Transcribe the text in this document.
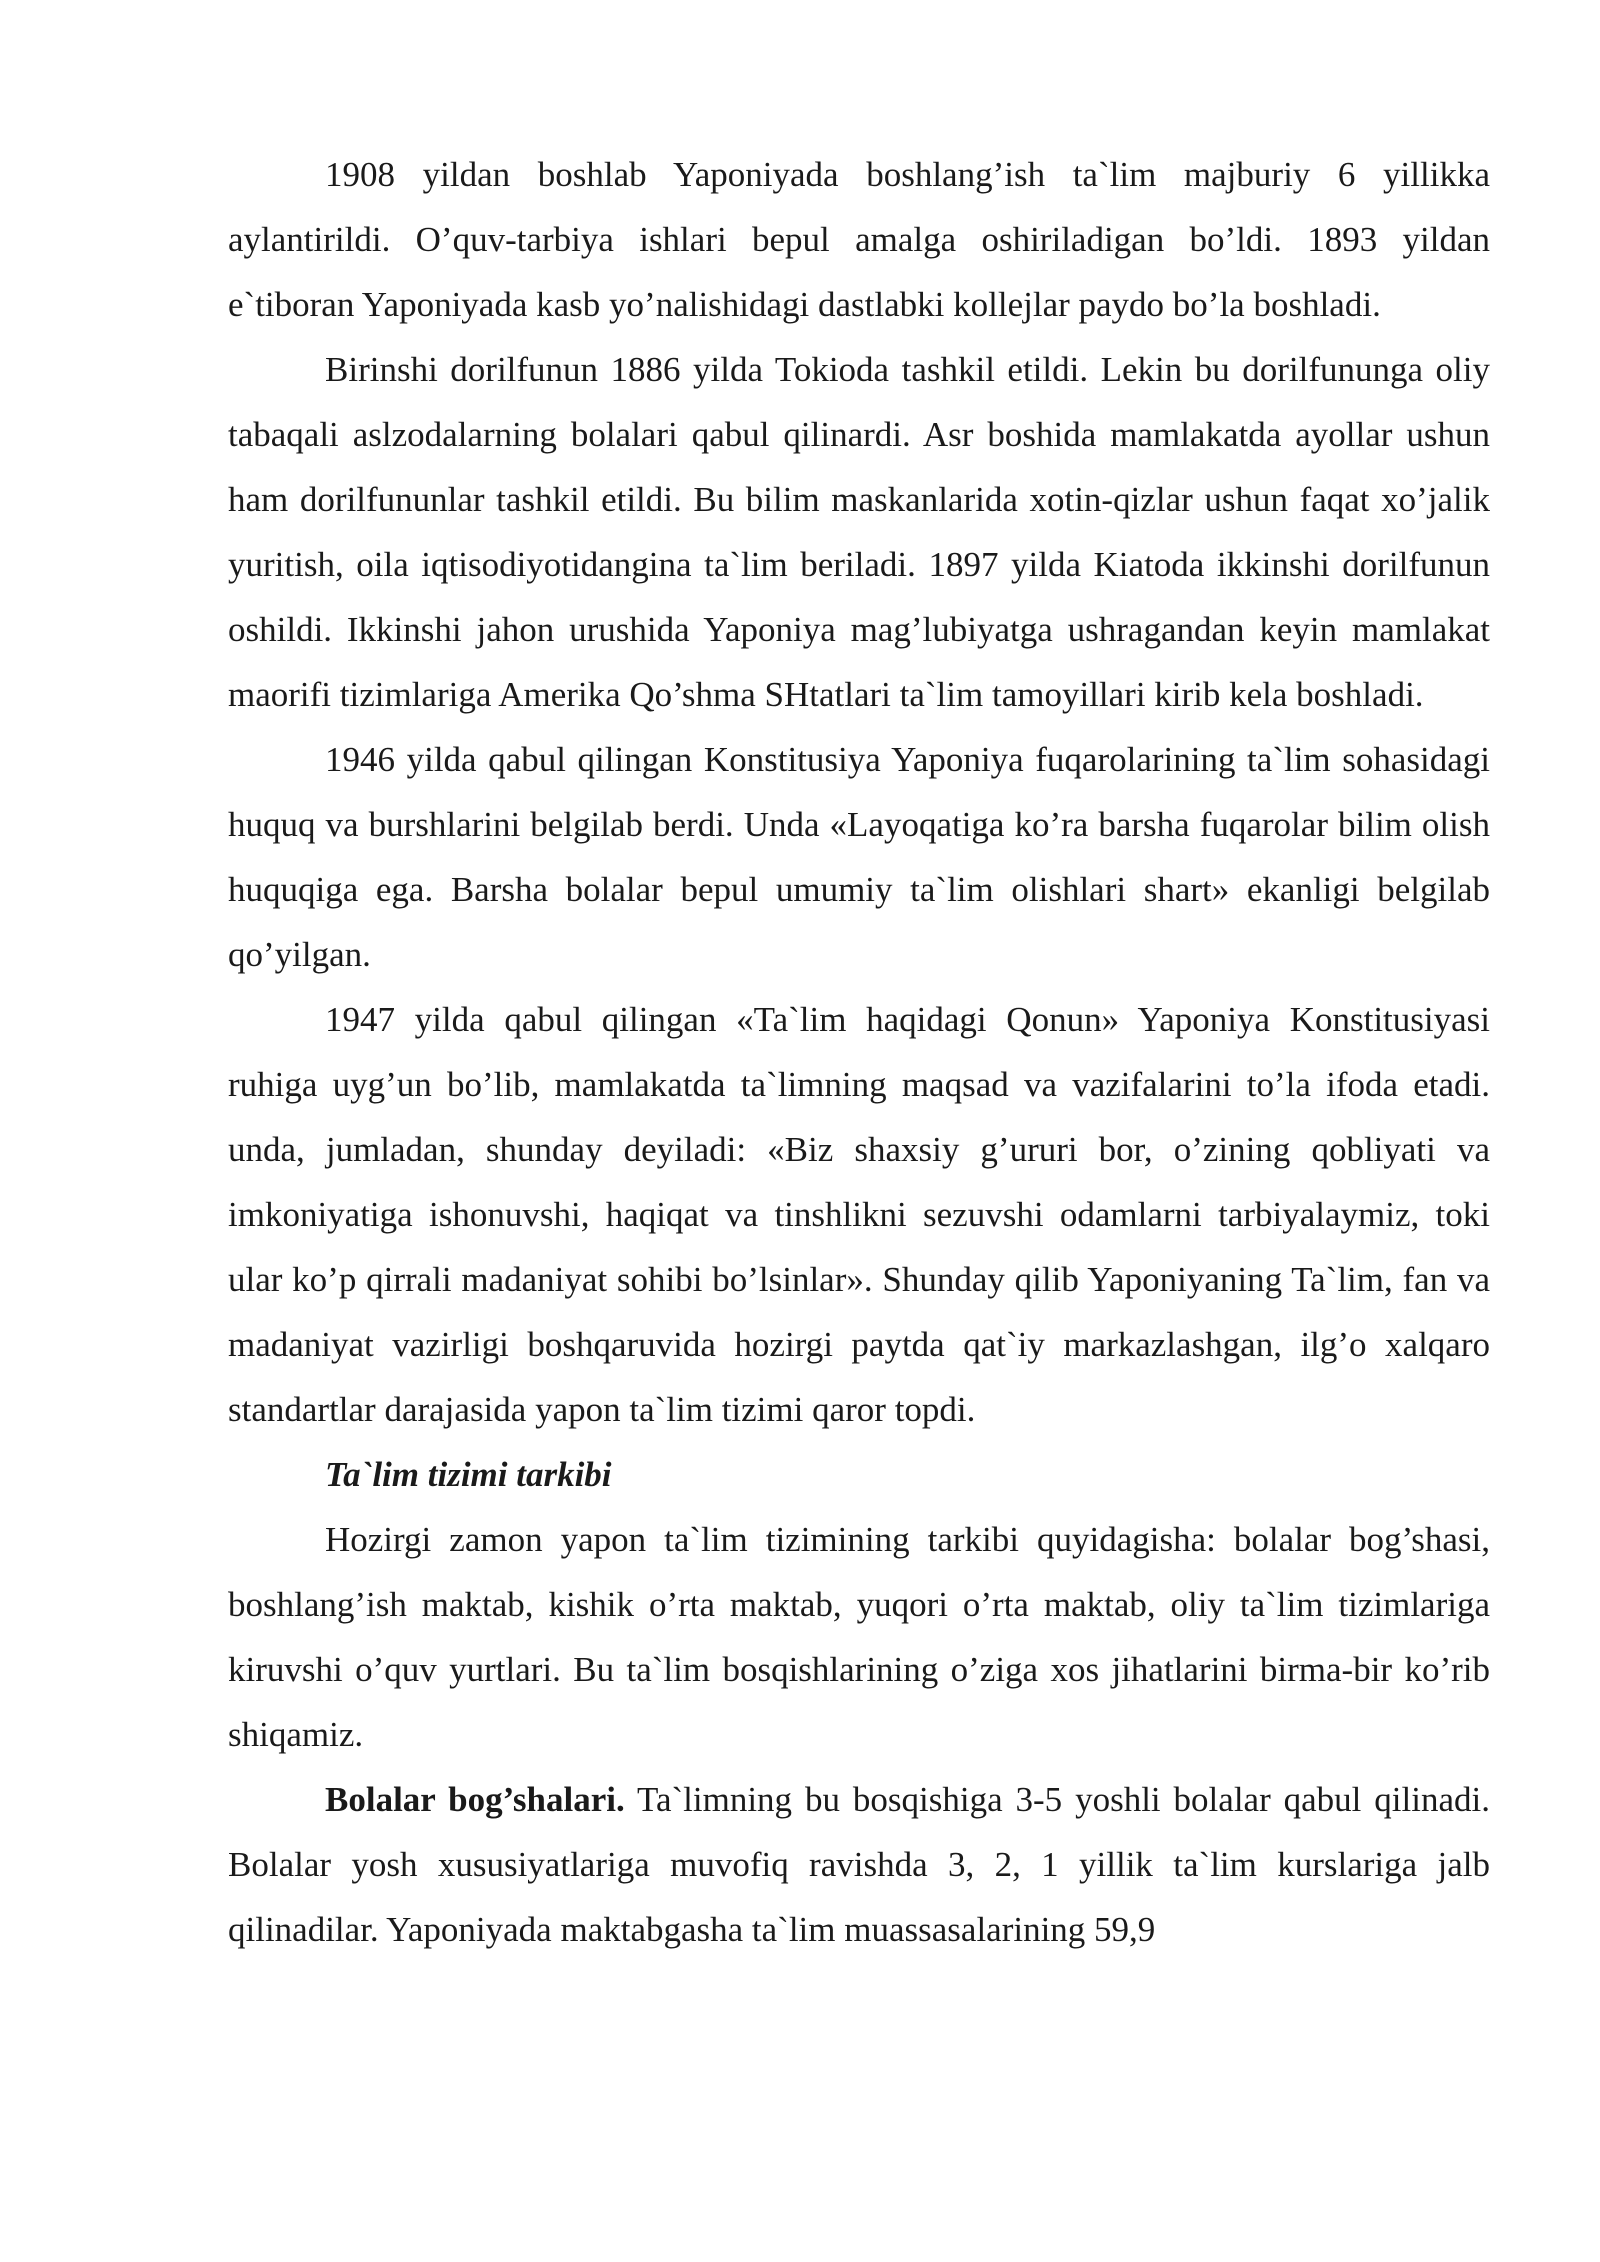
1908 yildan boshlab Yaponiyada boshlang’ish ta`lim majburiy 6 yillikka aylantirildi. O’quv-tarbiya ishlari bepul amalga oshiriladigan bo’ldi. 1893 yildan e`tiboran Yaponiyada kasb yo’nalishidagi dastlabki kollejlar paydo bo’la boshladi.

Birinshi dorilfunun 1886 yilda Tokioda tashkil etildi. Lekin bu dorilfununga oliy tabaqali aslzodalarning bolalari qabul qilinardi. Asr boshida mamlakatda ayollar ushun ham dorilfununlar tashkil etildi. Bu bilim maskanlarida xotin-qizlar ushun faqat xo’jalik yuritish, oila iqtisodiyotidangina ta`lim beriladi. 1897 yilda Kiatoda ikkinshi dorilfunun oshildi. Ikkinshi jahon urushida Yaponiya mag’lubiyatga ushragandan keyin mamlakat maorifi tizimlariga Amerika Qo’shma SHtatlari ta`lim tamoyillari kirib kela boshladi.

1946 yilda qabul qilingan Konstitusiya Yaponiya fuqarolarining ta`lim sohasidagi huquq va burshlarini belgilab berdi. Unda «Layoqatiga ko’ra barsha fuqarolar bilim olish huquqiga ega. Barsha bolalar bepul umumiy ta`lim olishlari shart» ekanligi belgilab qo’yilgan.

1947 yilda qabul qilingan «Ta`lim haqidagi Qonun» Yaponiya Konstitusiyasi ruhiga uyg’un bo’lib, mamlakatda ta`limning maqsad va vazifalarini to’la ifoda etadi. unda, jumladan, shunday deyiladi: «Biz shaxsiy g’ururi bor, o’zining qobliyati va imkoniyatiga ishonuvshi, haqiqat va tinshlikni sezuvshi odamlarni tarbiyalaymiz, toki ular ko’p qirrali madaniyat sohibi bo’lsinlar». Shunday qilib Yaponiyaning Ta`lim, fan va madaniyat vazirligi boshqaruvida hozirgi paytda qat`iy markazlashgan, ilg’o xalqaro standartlar darajasida yapon ta`lim tizimi qaror topdi.

Ta`lim tizimi tarkibi

Hozirgi zamon yapon ta`lim tizimining tarkibi quyidagisha: bolalar bog’shasi, boshlang’ish maktab, kishik o’rta maktab, yuqori o’rta maktab, oliy ta`lim tizimlariga kiruvshi o’quv yurtlari. Bu ta`lim bosqishlarining o’ziga xos jihatlarini birma-bir ko’rib shiqamiz.

Bolalar bog’shalari. Ta`limning bu bosqishiga 3-5 yoshli bolalar qabul qilinadi. Bolalar yosh xususiyatlariga muvofiq ravishda 3, 2, 1 yillik ta`lim kurslariga jalb qilinadilar. Yaponiyada maktabgasha ta`lim muassasalarining 59,9
